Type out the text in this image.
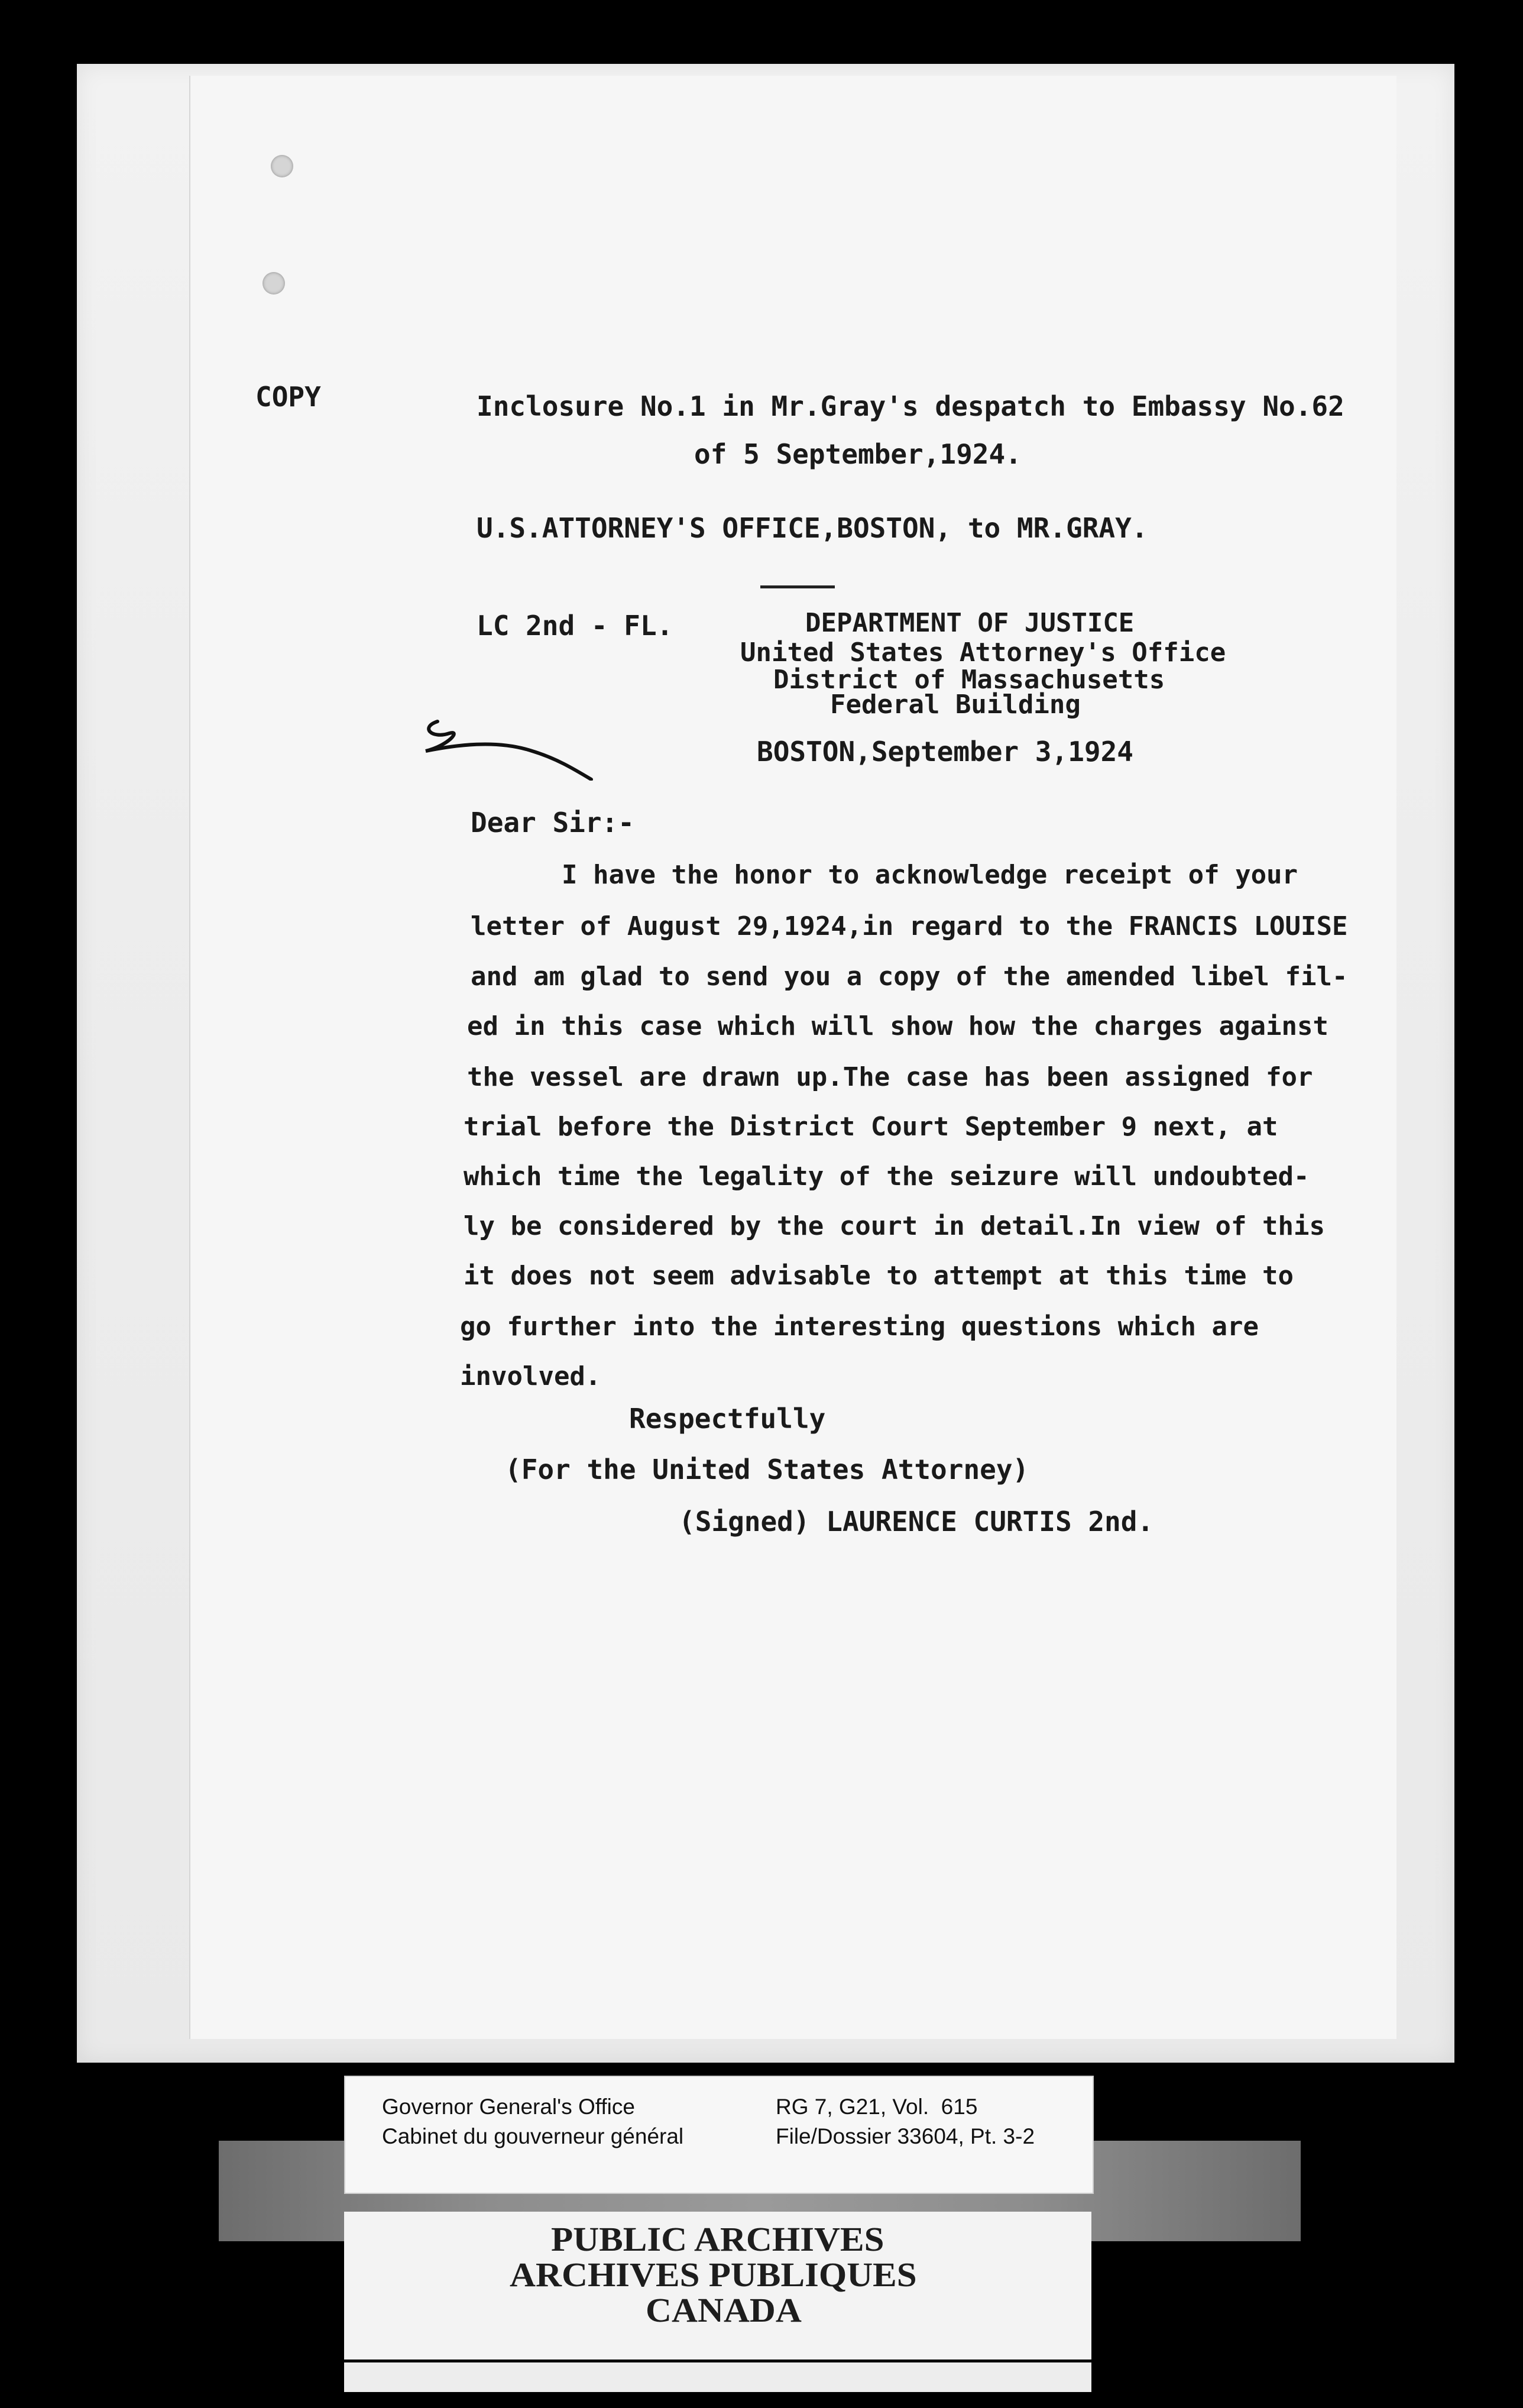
COPY	Inclosure No.1 in Mr.Gray's despatch to Embassy No.62
of 5 September,1924.
U.S.ATTORNEY'S OFFICE,BOSTON, to MR.GRAY.
LC 2nd - FL.	DEPARTMENT OF JUSTICE
United States Attorney's Office
District of Massachusetts
Federal Building
BOSTON,September 3,1924
Dear Sir:-
I have the honor to acknowledge receipt of your
letter of August 29,1924,in regard to the FRANCIS LOUISE
and am glad to send you a copy of the amended libel fil-
ed in this case which will show how the charges against
the vessel are drawn up.The case has been assigned for
trial before the District Court September 9 next, at
which time the legality of the seizure will undoubted-
ly be considered by the court in detail.In view of this
it does not seem advisable to attempt at this time to
go further into the interesting questions which are
involved.
Respectfully
(For the United States Attorney)
(Signed) LAURENCE CURTIS 2nd.
Governor General's Office
Cabinet du gouverneur général
RG 7, G21, Vol.  615
File/Dossier 33604, Pt. 3-2
PUBLIC ARCHIVES
ARCHIVES PUBLIQUES
CANADA
